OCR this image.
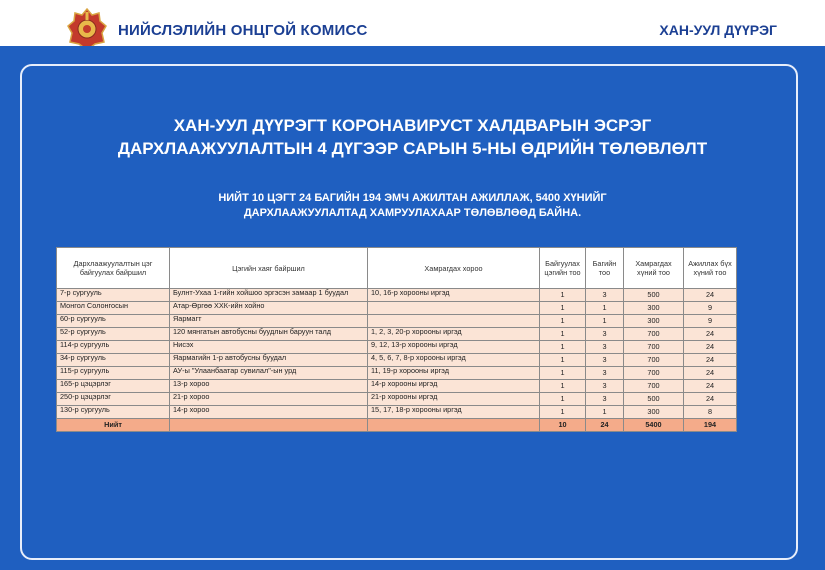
НИЙСЛЭЛИЙН ОНЦГОЙ КОМИСС	ХАН-УУЛ ДҮҮРЭГ
ХАН-УУЛ ДҮҮРЭГТ КОРОНАВИРУСТ ХАЛДВАРЫН ЭСРЭГ
ДАРХЛААЖУУЛАЛТЫН 4 ДҮГЭЭР САРЫН 5-НЫ ӨДРИЙН ТӨЛӨВЛӨЛТ
НИЙТ 10 ЦЭГТ 24 БАГИЙН 194 ЭМЧ АЖИЛТАН АЖИЛЛАЖ, 5400 ХҮНИЙГ
ДАРХЛААЖУУЛАЛТАД ХАМРУУЛАХААР ТӨЛӨВЛӨӨД БАЙНА.
Дархлаажуулалтын цэг байгуулах байршил	Цэгийн хаяг байршил	Хамрагдах хороо	Байгуулах цэгийн тоо	Багийн тоо	Хамрагдах хүний тоо	Ажиллах бүх хүний тоо
7-р сургууль	Булнт-Ухаа 1-гийн хойшоо эргэсэн замаар 1 буудал	10, 16-р хорооны иргэд	1	3	500	24
Монгол Солонгосын	Атар-Өргөө ХХК-ийн хойно		1	1	300	9
60-р сургууль	Яармагт		1	1	300	9
52-р сургууль	120 мянгатын автобусны буудлын баруун талд	1, 2, 3, 20-р хорооны иргэд	1	3	700	24
114-р сургууль	Нисэх	9, 12, 13-р хорооны иргэд	1	3	700	24
34-р сургууль	Яармагийн 1-р автобусны буудал	4, 5, 6, 7, 8-р хорооны иргэд	1	3	700	24
115-р сургууль	АУ-ы "Улаанбаатар сувилал"-ын урд	11, 19-р хорооны иргэд	1	3	700	24
165-р цэцэрлэг	13-р хороо	14-р хорооны иргэд	1	3	700	24
250-р цэцэрлэг	21-р хороо	21-р хорооны иргэд	1	3	500	24
130-р сургууль	14-р хороо	15, 17, 18-р хорооны иргэд	1	1	300	8
Нийт			10	24	5400	194
